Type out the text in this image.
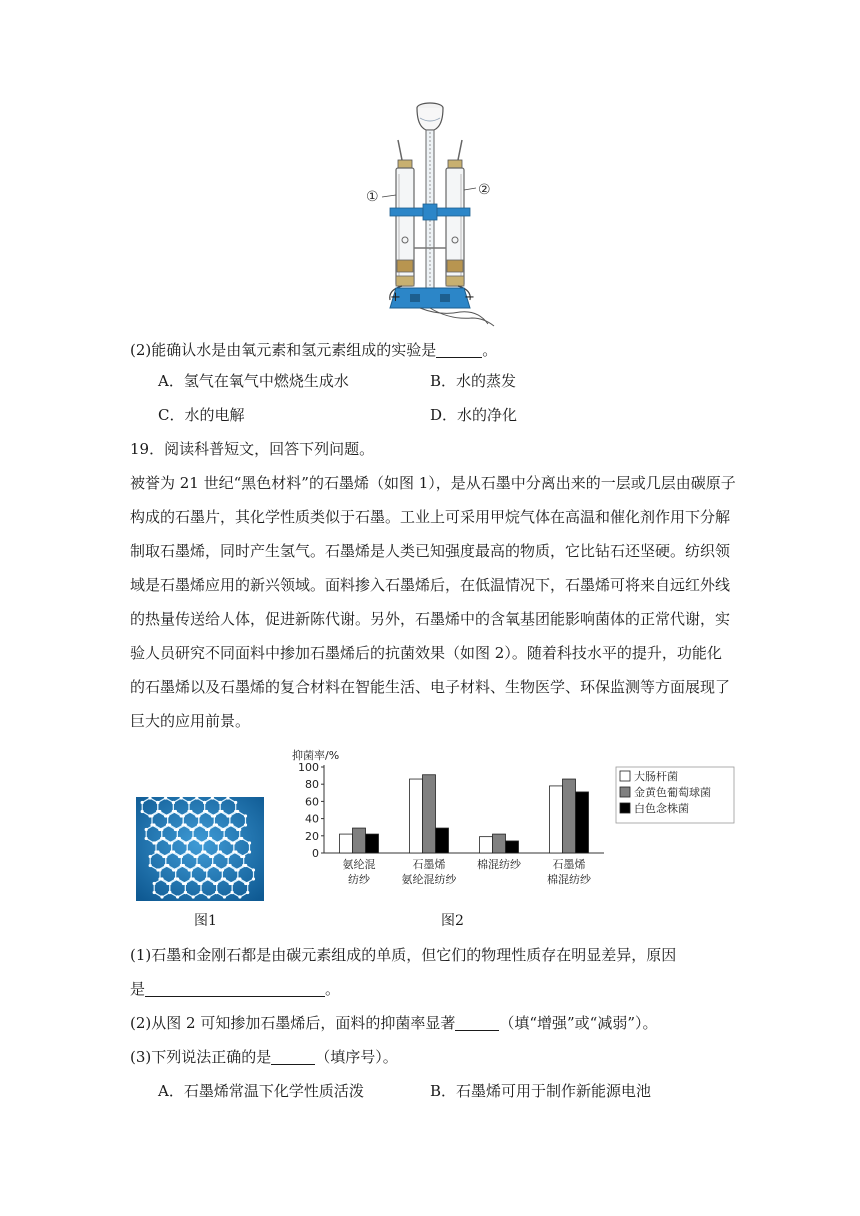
①	②
+	−
(2)能确认水是由氧元素和氢元素组成的实验是	。
A．氢气在氧气中燃烧生成水	B．水的蒸发
C．水的电解	D．水的净化
19．阅读科普短文，回答下列问题。
被誉为 21 世纪“黑色材料”的石墨烯（如图 1），是从石墨中分离出来的一层或几层由碳原子
构成的石墨片，其化学性质类似于石墨。工业上可采用甲烷气体在高温和催化剂作用下分解
制取石墨烯，同时产生氢气。石墨烯是人类已知强度最高的物质，它比钻石还坚硬。纺织领
域是石墨烯应用的新兴领域。面料掺入石墨烯后，在低温情况下，石墨烯可将来自远红外线
的热量传送给人体，促进新陈代谢。另外，石墨烯中的含氧基团能影响菌体的正常代谢，实
验人员研究不同面料中掺加石墨烯后的抗菌效果（如图 2）。随着科技水平的提升，功能化
的石墨烯以及石墨烯的复合材料在智能生活、电子材料、生物医学、环保监测等方面展现了
巨大的应用前景。
图1
抑菌率/%
0
20
40
60
80
100
氨纶混
纺纱
石墨烯
氨纶混纺纱
棉混纺纱	石墨烯
棉混纺纱
大肠杆菌
金黄色葡萄球菌
白色念株菌
图2
(1)石墨和金刚石都是由碳元素组成的单质，但它们的物理性质存在明显差异，原因
是	。
(2)从图 2 可知掺加石墨烯后，面料的抑菌率显著	（填“增强”或“减弱”）。
(3)下列说法正确的是	（填序号）。
A．石墨烯常温下化学性质活泼	B．石墨烯可用于制作新能源电池
